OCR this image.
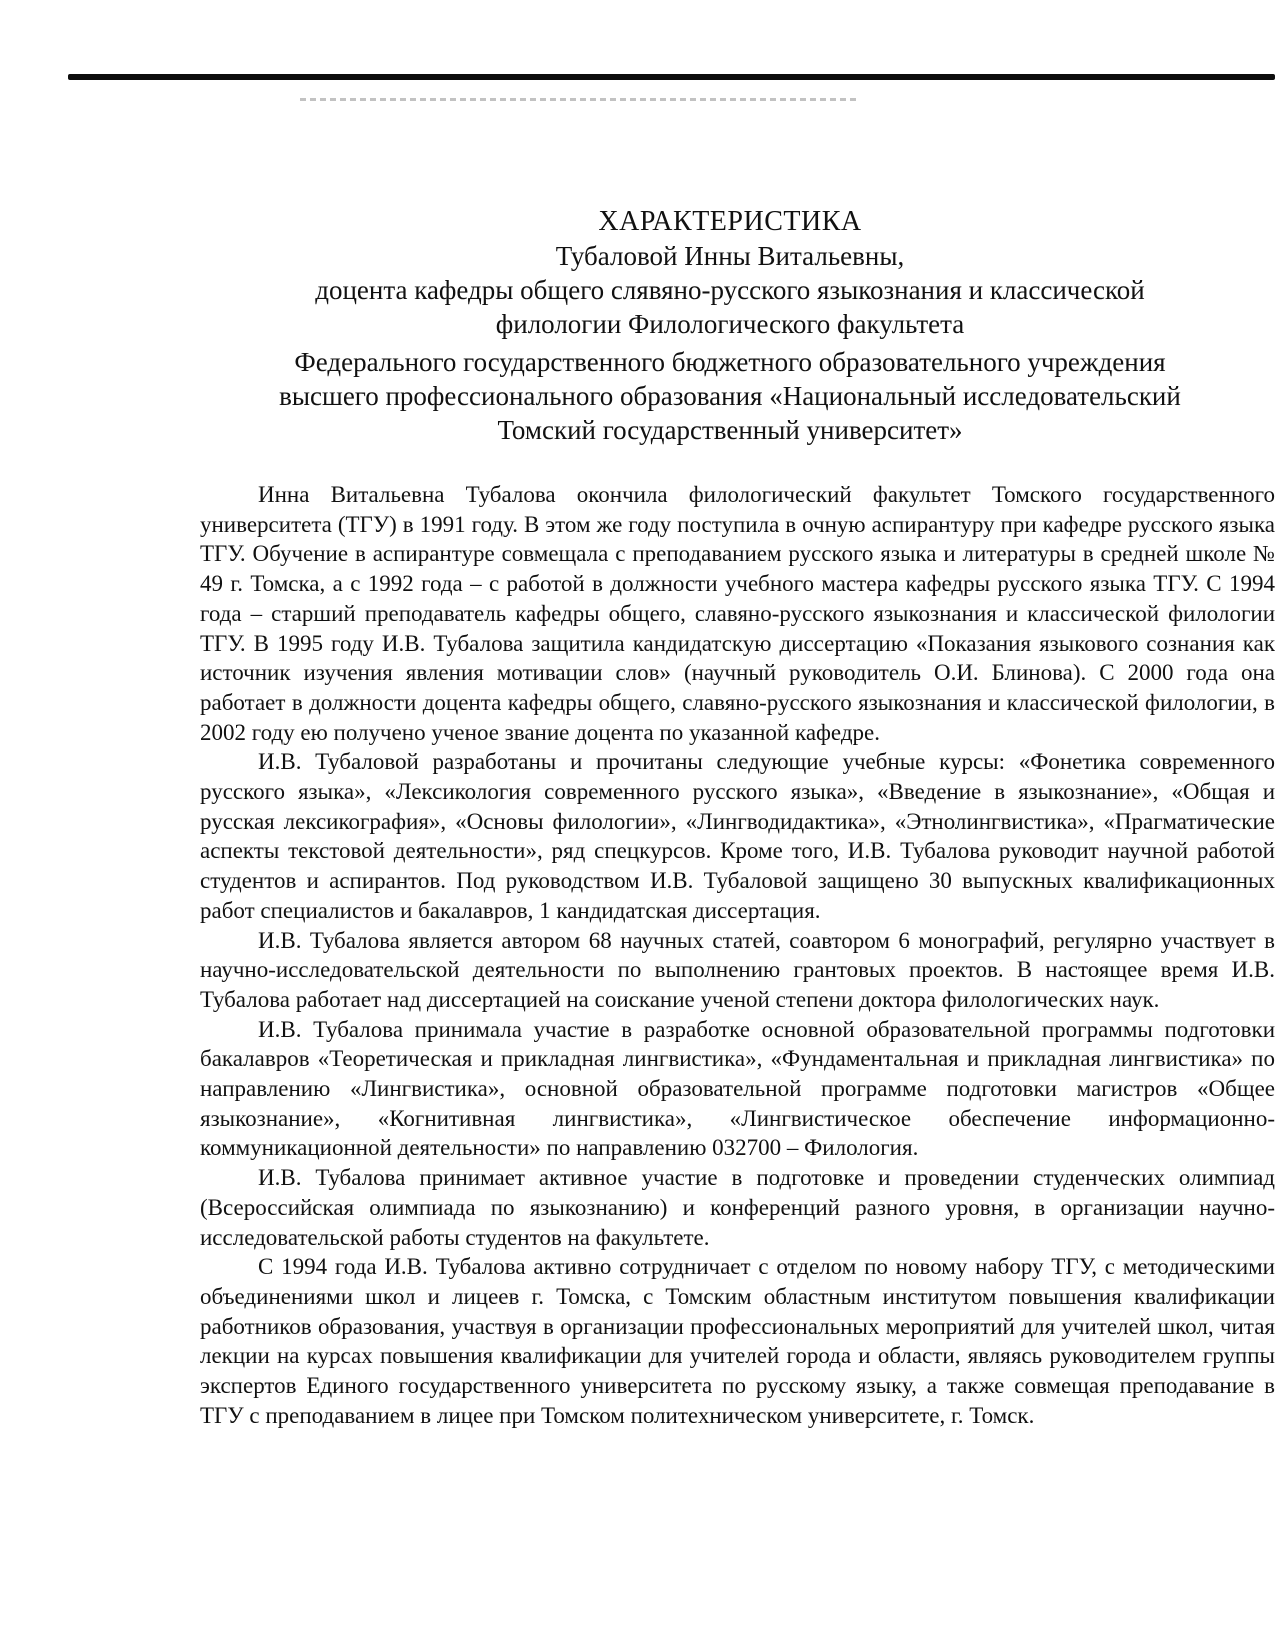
ХАРАКТЕРИСТИКА
Тубаловой Инны Витальевны,
доцента кафедры общего слявяно-русского языкознания и классической
филологии Филологического факультета
Федерального государственного бюджетного образовательного учреждения
высшего профессионального образования «Национальный исследовательский
Томский государственный университет»

Инна Витальевна Тубалова окончила филологический факультет Томского государственного университета (ТГУ) в 1991 году. В этом же году поступила в очную аспирантуру при кафедре русского языка ТГУ. Обучение в аспирантуре совмещала с преподаванием русского языка и литературы в средней школе № 49 г. Томска, а с 1992 года – с работой в должности учебного мастера кафедры русского языка ТГУ. С 1994 года – старший преподаватель кафедры общего, славяно-русского языкознания и классической филологии ТГУ. В 1995 году И.В. Тубалова защитила кандидатскую диссертацию «Показания языкового сознания как источник изучения явления мотивации слов» (научный руководитель О.И. Блинова). С 2000 года она работает в должности доцента кафедры общего, славяно-русского языкознания и классической филологии, в 2002 году ею получено ученое звание доцента по указанной кафедре.

И.В. Тубаловой разработаны и прочитаны следующие учебные курсы: «Фонетика современного русского языка», «Лексикология современного русского языка», «Введение в языкознание», «Общая и русская лексикография», «Основы филологии», «Лингводидактика», «Этнолингвистика», «Прагматические аспекты текстовой деятельности», ряд спецкурсов. Кроме того, И.В. Тубалова руководит научной работой студентов и аспирантов. Под руководством И.В. Тубаловой защищено 30 выпускных квалификационных работ специалистов и бакалавров, 1 кандидатская диссертация.

И.В. Тубалова является автором 68 научных статей, соавтором 6 монографий, регулярно участвует в научно-исследовательской деятельности по выполнению грантовых проектов. В настоящее время И.В. Тубалова работает над диссертацией на соискание ученой степени доктора филологических наук.

И.В. Тубалова принимала участие в разработке основной образовательной программы подготовки бакалавров «Теоретическая и прикладная лингвистика», «Фундаментальная и прикладная лингвистика» по направлению «Лингвистика», основной образовательной программе подготовки магистров «Общее языкознание», «Когнитивная лингвистика», «Лингвистическое обеспечение информационно-коммуникационной деятельности» по направлению 032700 – Филология.

И.В. Тубалова принимает активное участие в подготовке и проведении студенческих олимпиад (Всероссийская олимпиада по языкознанию) и конференций разного уровня, в организации научно-исследовательской работы студентов на факультете.

С 1994 года И.В. Тубалова активно сотрудничает с отделом по новому набору ТГУ, с методическими объединениями школ и лицеев г. Томска, с Томским областным институтом повышения квалификации работников образования, участвуя в организации профессиональных мероприятий для учителей школ, читая лекции на курсах повышения квалификации для учителей города и области, являясь руководителем группы экспертов Единого государственного университета по русскому языку, а также совмещая преподавание в ТГУ с преподаванием в лицее при Томском политехническом университете, г. Томск.
